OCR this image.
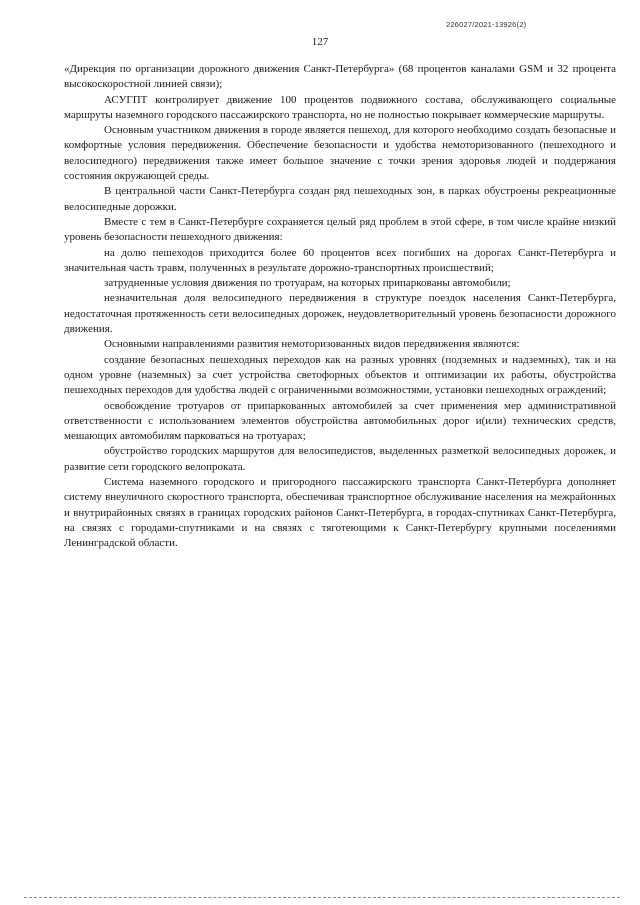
226027/2021-13926(2)
127

«Дирекция по организации дорожного движения Санкт-Петербурга» (68 процентов каналами GSM и 32 процента высокоскоростной линией связи);

АСУГПТ контролирует движение 100 процентов подвижного состава, обслуживающего социальные маршруты наземного городского пассажирского транспорта, но не полностью покрывает коммерческие маршруты.

Основным участником движения в городе является пешеход, для которого необходимо создать безопасные и комфортные условия передвижения. Обеспечение безопасности и удобства немоторизованного (пешеходного и велосипедного) передвижения также имеет большое значение с точки зрения здоровья людей и поддержания состояния окружающей среды.

В центральной части Санкт-Петербурга создан ряд пешеходных зон, в парках обустроены рекреационные велосипедные дорожки.

Вместе с тем в Санкт-Петербурге сохраняется целый ряд проблем в этой сфере, в том числе крайне низкий уровень безопасности пешеходного движения:

на долю пешеходов приходится более 60 процентов всех погибших на дорогах Санкт-Петербурга и значительная часть травм, полученных в результате дорожно-транспортных происшествий;

затрудненные условия движения по тротуарам, на которых припаркованы автомобили;

незначительная доля велосипедного передвижения в структуре поездок населения Санкт-Петербурга, недостаточная протяженность сети велосипедных дорожек, неудовлетворительный уровень безопасности дорожного движения.

Основными направлениями развития немоторизованных видов передвижения являются:

создание безопасных пешеходных переходов как на разных уровнях (подземных и надземных), так и на одном уровне (наземных) за счет устройства светофорных объектов и оптимизации их работы, обустройства пешеходных переходов для удобства людей с ограниченными возможностями, установки пешеходных ограждений;

освобождение тротуаров от припаркованных автомобилей за счет применения мер административной ответственности с использованием элементов обустройства автомобильных дорог и(или) технических средств, мешающих автомобилям парковаться на тротуарах;

обустройство городских маршрутов для велосипедистов, выделенных разметкой велосипедных дорожек, и развитие сети городского велопроката.

Система наземного городского и пригородного пассажирского транспорта Санкт-Петербурга дополняет систему внеуличного скоростного транспорта, обеспечивая транспортное обслуживание населения на межрайонных и внутрирайонных связях в границах городских районов Санкт-Петербурга, в городах-спутниках Санкт-Петербурга, на связях с городами-спутниками и на связях с тяготеющими к Санкт-Петербургу крупными поселениями Ленинградской области.
